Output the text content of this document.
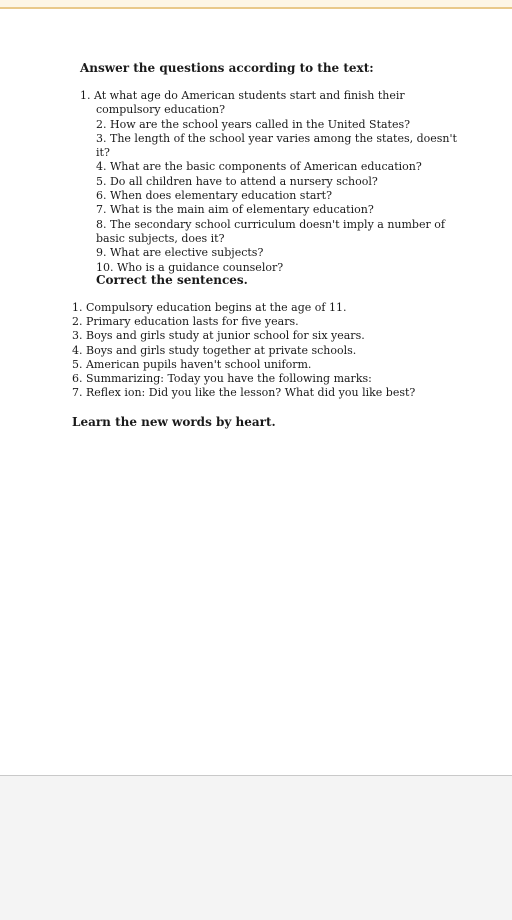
Answer the questions according to the text:

1. At what age do American students start and finish their compulsory education?

2. How are the school years called in the United States?

3. The length of the school year varies among the states, doesn't it?

4. What are the basic components of American education?

5. Do all children have to attend a nursery school?

6. When does elementary education start?

7. What is the main aim of elementary education?

8. The secondary school curriculum doesn't imply a number of basic subjects, does it?

9. What are elective subjects?

10. Who is a guidance counselor?

Correct the sentences.

1. Compulsory education begins at the age of 11.

2. Primary education lasts for five years.

3. Boys and girls study at junior school for six years.

4. Boys and girls study together at private schools.

5. American pupils haven't school uniform.

6. Summarizing: Today you have the following marks:

7. Reflex ion: Did you like the lesson? What did you like best?

Learn the new words by heart.
